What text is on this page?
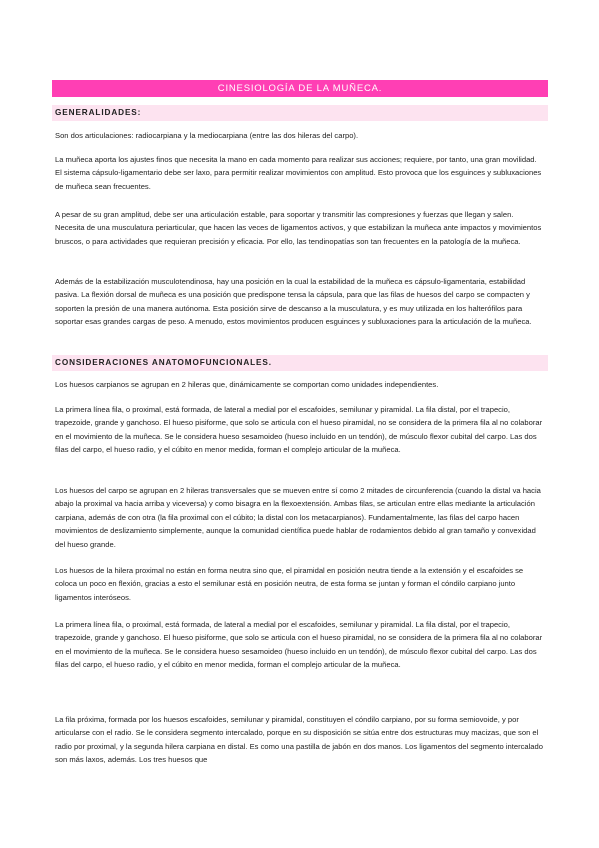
CINESIOLOGÍA DE LA MUÑECA.
GENERALIDADES:

Son dos articulaciones: radiocarpiana y la mediocarpiana (entre las dos hileras del carpo).

La muñeca aporta los ajustes finos que necesita la mano en cada momento para realizar sus acciones; requiere, por tanto, una gran movilidad. El sistema cápsulo-ligamentario debe ser laxo, para permitir realizar movimientos con amplitud. Esto provoca que los esguinces y subluxaciones de muñeca sean frecuentes.

A pesar de su gran amplitud, debe ser una articulación estable, para soportar y transmitir las compresiones y fuerzas que llegan y salen. Necesita de una musculatura periarticular, que hacen las veces de ligamentos activos, y que estabilizan la muñeca ante impactos y movimientos bruscos, o para actividades que requieran precisión y eficacia. Por ello, las tendinopatías son tan frecuentes en la patología de la muñeca.

Además de la estabilización musculotendinosa, hay una posición en la cual la estabilidad de la muñeca es cápsulo-ligamentaria, estabilidad pasiva. La flexión dorsal de muñeca es una posición que predispone tensa la cápsula, para que las filas de huesos del carpo se compacten y soporten la presión de una manera autónoma. Esta posición sirve de descanso a la musculatura, y es muy utilizada en los halterófilos para soportar esas grandes cargas de peso. A menudo, estos movimientos producen esguinces y subluxaciones para la articulación de la muñeca.

CONSIDERACIONES ANATOMOFUNCIONALES.

Los huesos carpianos se agrupan en 2 hileras que, dinámicamente se comportan como unidades independientes.

La primera línea fila, o proximal, está formada, de lateral a medial por el escafoides, semilunar y piramidal. La fila distal, por el trapecio, trapezoide, grande y ganchoso. El hueso pisiforme, que solo se articula con el hueso piramidal, no se considera de la primera fila al no colaborar en el movimiento de la muñeca. Se le considera hueso sesamoideo (hueso incluido en un tendón), de músculo flexor cubital del carpo. Las dos filas del carpo, el hueso radio, y el cúbito en menor medida, forman el complejo articular de la muñeca.

Los huesos del carpo se agrupan en 2 hileras transversales que se mueven entre sí como 2 mitades de circunferencia (cuando la distal va hacia abajo la proximal va hacia arriba y viceversa) y como bisagra en la flexoextensión. Ambas filas, se articulan entre ellas mediante la articulación carpiana, además de con otra (la fila proximal con el cúbito; la distal con los metacarpianos). Fundamentalmente, las filas del carpo hacen movimientos de deslizamiento simplemente, aunque la comunidad científica puede hablar de rodamientos debido al gran tamaño y convexidad del hueso grande.

Los huesos de la hilera proximal no están en forma neutra sino que, el piramidal en posición neutra tiende a la extensión y el escafoides se coloca un poco en flexión, gracias a esto el semilunar está en posición neutra, de esta forma se juntan y forman el cóndilo carpiano junto ligamentos interóseos.

La primera línea fila, o proximal, está formada, de lateral a medial por el escafoides, semilunar y piramidal. La fila distal, por el trapecio, trapezoide, grande y ganchoso. El hueso pisiforme, que solo se articula con el hueso piramidal, no se considera de la primera fila al no colaborar en el movimiento de la muñeca. Se le considera hueso sesamoideo (hueso incluido en un tendón), de músculo flexor cubital del carpo. Las dos filas del carpo, el hueso radio, y el cúbito en menor medida, forman el complejo articular de la muñeca.

La fila próxima, formada por los huesos escafoides, semilunar y piramidal, constituyen el cóndilo carpiano, por su forma semiovoide, y por articularse con el radio. Se le considera segmento intercalado, porque en su disposición se sitúa entre dos estructuras muy macizas, que son el radio por proximal, y la segunda hilera carpiana en distal. Es como una pastilla de jabón en dos manos. Los ligamentos del segmento intercalado son más laxos, además. Los tres huesos que
